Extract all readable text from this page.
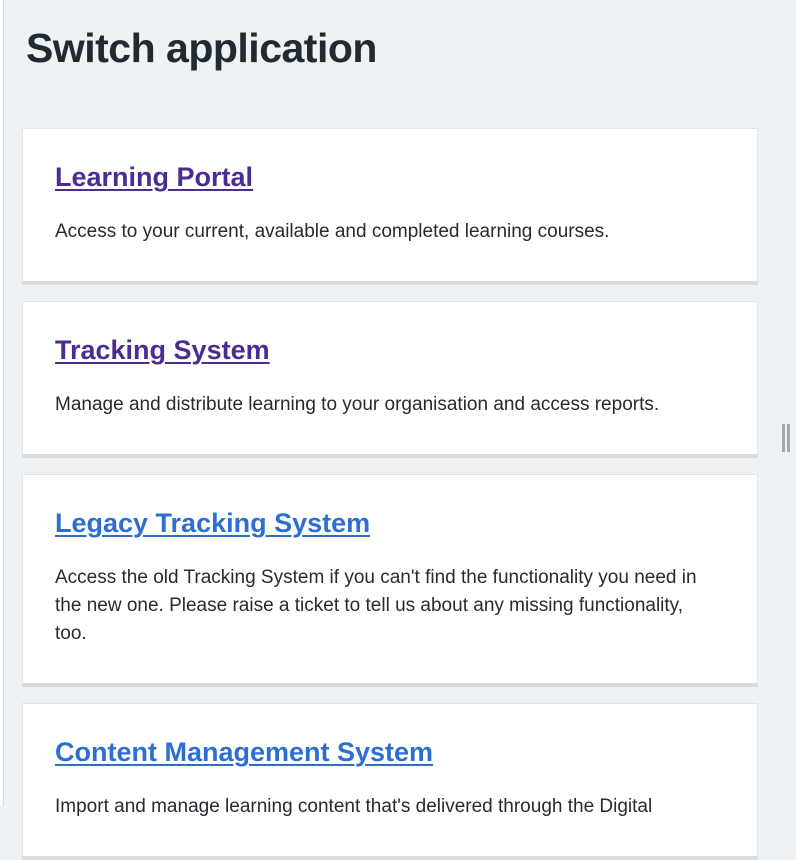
Switch application
Learning Portal

Access to your current, available and completed learning courses.

Tracking System

Manage and distribute learning to your organisation and access reports.

Legacy Tracking System

Access the old Tracking System if you can't find the functionality you need in the new one. Please raise a ticket to tell us about any missing functionality, too.

Content Management System

Import and manage learning content that's delivered through the Digital
